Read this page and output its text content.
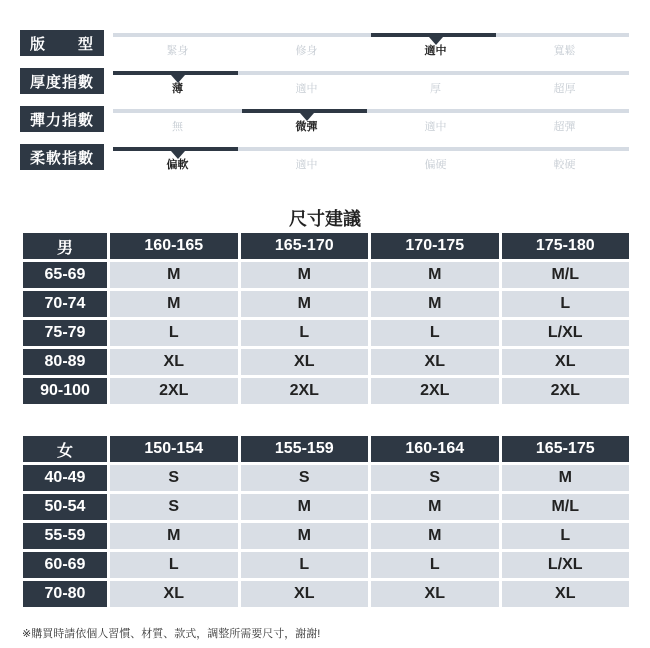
版 型	緊身	修身	適中	寬鬆
厚度指數	薄	適中	厚	超厚
彈力指數	無	微彈	適中	超彈
柔軟指數	偏軟	適中	偏硬	較硬
尺寸建議
男	160-165	165-170	170-175	175-180
65-69	M	M	M	M/L
70-74	M	M	M	L
75-79	L	L	L	L/XL
80-89	XL	XL	XL	XL
90-100	2XL	2XL	2XL	2XL
女	150-154	155-159	160-164	165-175
40-49	S	S	S	M
50-54	S	M	M	M/L
55-59	M	M	M	L
60-69	L	L	L	L/XL
70-80	XL	XL	XL	XL
※購買時請依個人習慣、材質、款式，調整所需要尺寸，謝謝!
